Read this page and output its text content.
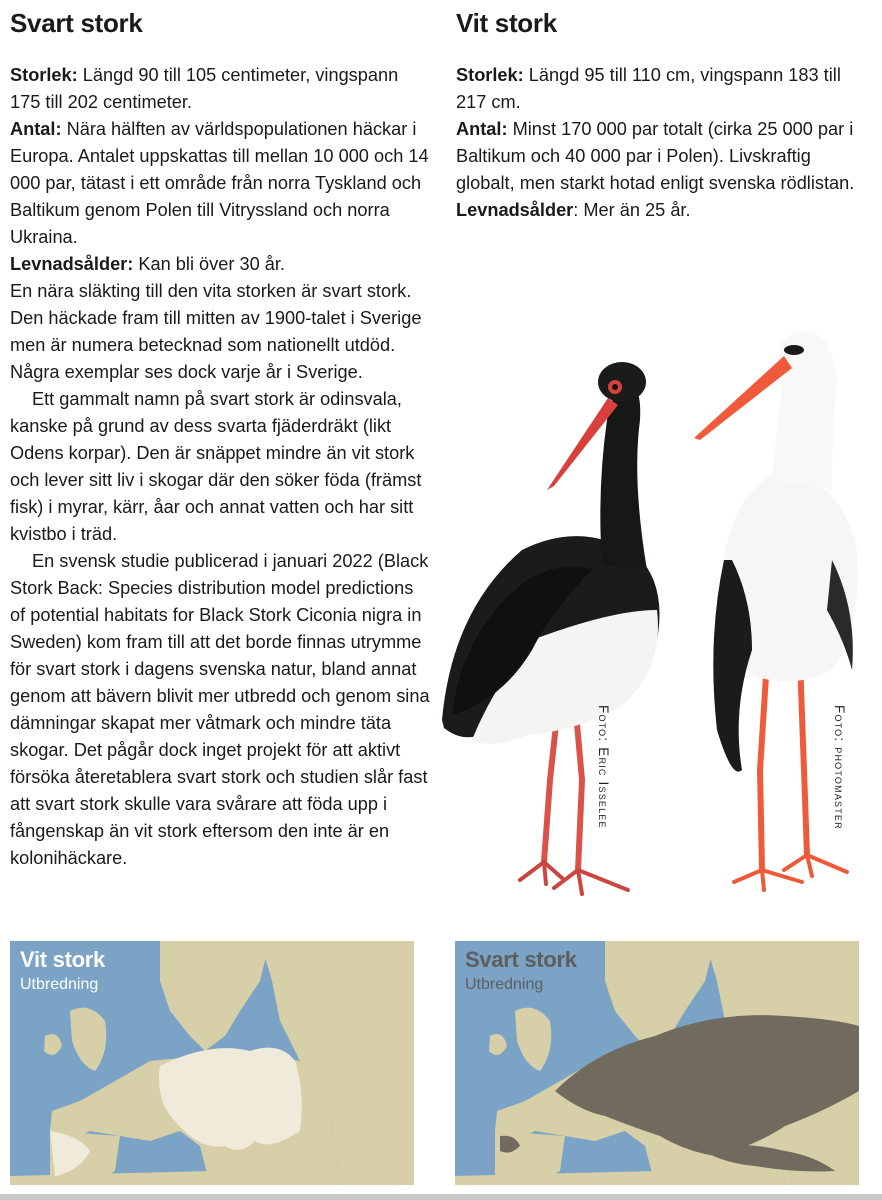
Svart stork

Storlek: Längd 90 till 105 centimeter, vingspann 175 till 202 centimeter.

Antal: Nära hälften av världspopulationen häckar i Europa. Antalet uppskattas till mellan 10 000 och 14 000 par, tätast i ett område från norra Tyskland och Baltikum genom Polen till Vitryssland och norra Ukraina.

Levnadsålder: Kan bli över 30 år.

En nära släkting till den vita storken är svart stork. Den häckade fram till mitten av 1900-talet i Sverige men är numera betecknad som nationellt utdöd. Några exemplar ses dock varje år i Sverige.

Ett gammalt namn på svart stork är odinsvala, kanske på grund av dess svarta fjäderdräkt (likt Odens korpar). Den är snäppet mindre än vit stork och lever sitt liv i skogar där den söker föda (främst fisk) i myrar, kärr, åar och annat vatten och har sitt kvistbo i träd.

En svensk studie publicerad i januari 2022 (Black Stork Back: Species distribution model predictions of potential habitats for Black Stork Ciconia nigra in Sweden) kom fram till att det borde finnas utrymme för svart stork i dagens svenska natur, bland annat genom att bävern blivit mer utbredd och genom sina dämningar skapat mer våtmark och mindre täta skogar. Det pågår dock inget projekt för att aktivt försöka återetablera svart stork och studien slår fast att svart stork skulle vara svårare att föda upp i fångenskap än vit stork eftersom den inte är en kolonihäckare.

Vit stork

Storlek: Längd 95 till 110 cm, vingspann 183 till 217 cm.

Antal: Minst 170 000 par totalt (cirka 25 000 par i Baltikum och 40 000 par i Polen). Livskraftig globalt, men starkt hotad enligt svenska rödlistan.

Levnadsålder: Mer än 25 år.

Foto: Eric Isselee	Foto: photomaster
Vit stork
Utbredning
Svart stork
Utbredning
